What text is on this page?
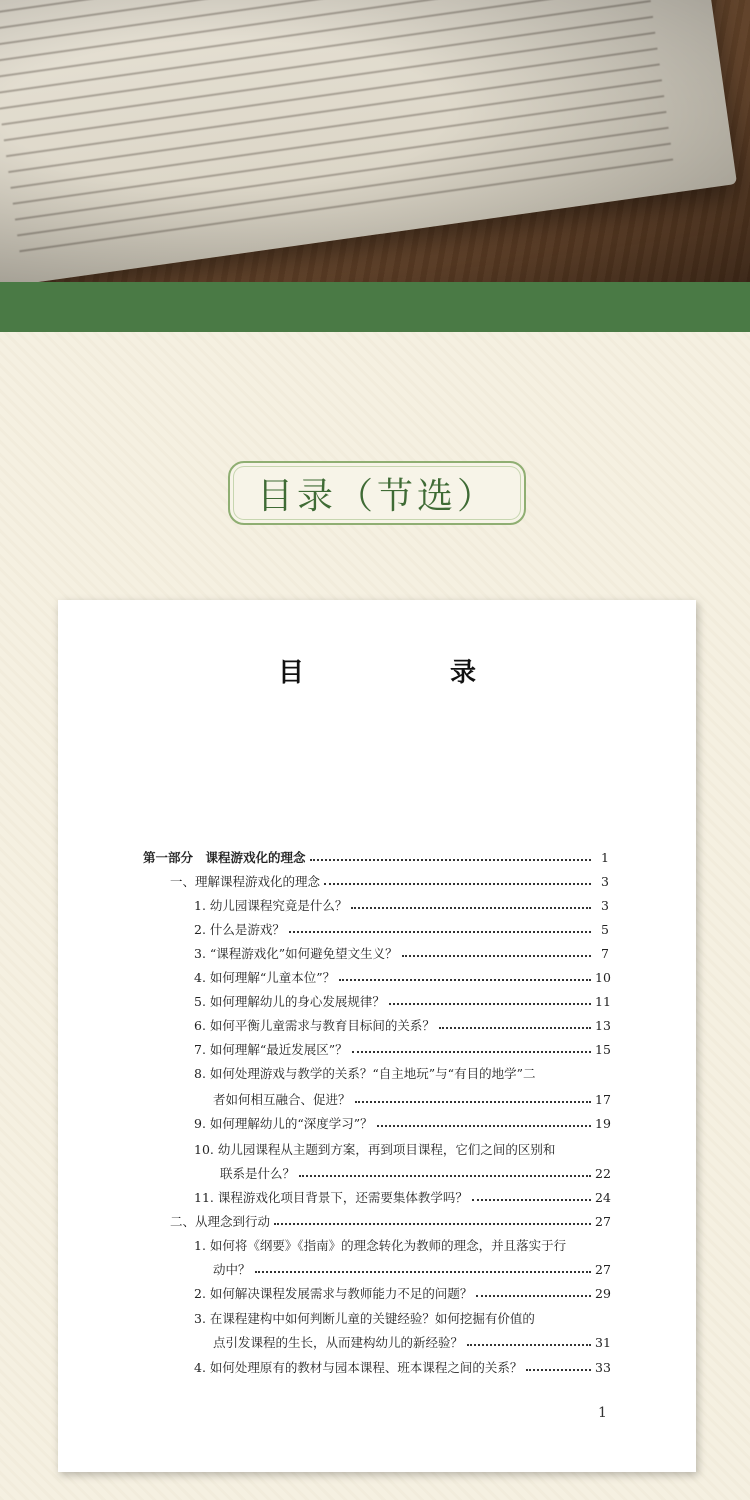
目录（节选）
目　录
第一部分　课程游戏化的理念	1
一、理解课程游戏化的理念	3
1. 幼儿园课程究竟是什么？	3
2. 什么是游戏？	5
3. “课程游戏化”如何避免望文生义？	7
4. 如何理解“儿童本位”？	10
5. 如何理解幼儿的身心发展规律？	11
6. 如何平衡儿童需求与教育目标间的关系？	13
7. 如何理解“最近发展区”？	15
8. 如何处理游戏与教学的关系？“自主地玩”与“有目的地学”二
者如何相互融合、促进？	17
9. 如何理解幼儿的“深度学习”？	19
10. 幼儿园课程从主题到方案，再到项目课程，它们之间的区别和
联系是什么？	22
11. 课程游戏化项目背景下，还需要集体教学吗？	24
二、从理念到行动	27
1. 如何将《纲要》《指南》的理念转化为教师的理念，并且落实于行
动中？	27
2. 如何解决课程发展需求与教师能力不足的问题？	29
3. 在课程建构中如何判断儿童的关键经验？如何挖掘有价值的
点引发课程的生长，从而建构幼儿的新经验？	31
4. 如何处理原有的教材与园本课程、班本课程之间的关系？	33
1
